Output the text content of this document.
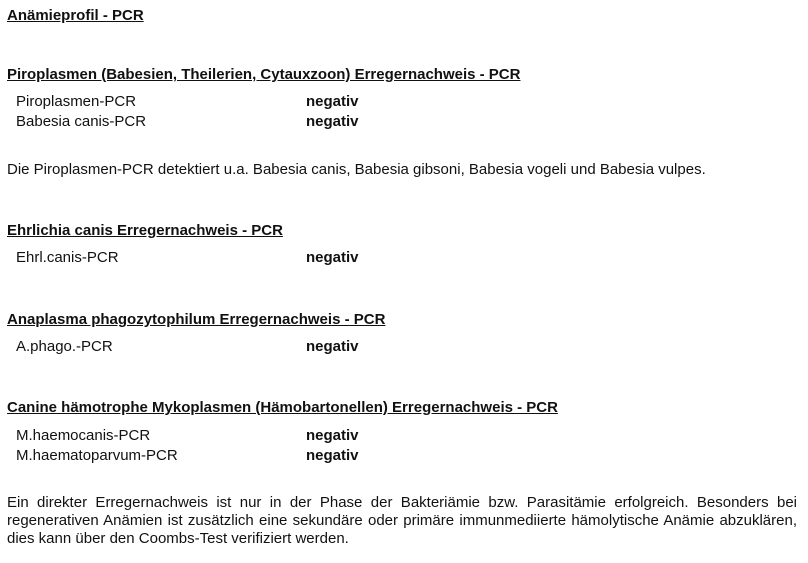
Anämieprofil - PCR
Piroplasmen (Babesien, Theilerien, Cytauxzoon) Erregernachweis - PCR
Piroplasmen-PCR	negativ
Babesia canis-PCR	negativ
Die Piroplasmen-PCR detektiert u.a. Babesia canis, Babesia gibsoni, Babesia vogeli und Babesia vulpes.
Ehrlichia canis Erregernachweis - PCR
Ehrl.canis-PCR	negativ
Anaplasma phagozytophilum Erregernachweis - PCR
A.phago.-PCR	negativ
Canine hämotrophe Mykoplasmen (Hämobartonellen) Erregernachweis - PCR
M.haemocanis-PCR	negativ
M.haematoparvum-PCR	negativ
Ein direkter Erregernachweis ist nur in der Phase der Bakteriämie bzw. Parasitämie erfolgreich. Besonders bei regenerativen Anämien ist zusätzlich eine sekundäre oder primäre immunmediierte hämolytische Anämie abzuklären, dies kann über den Coombs-Test verifiziert werden.
